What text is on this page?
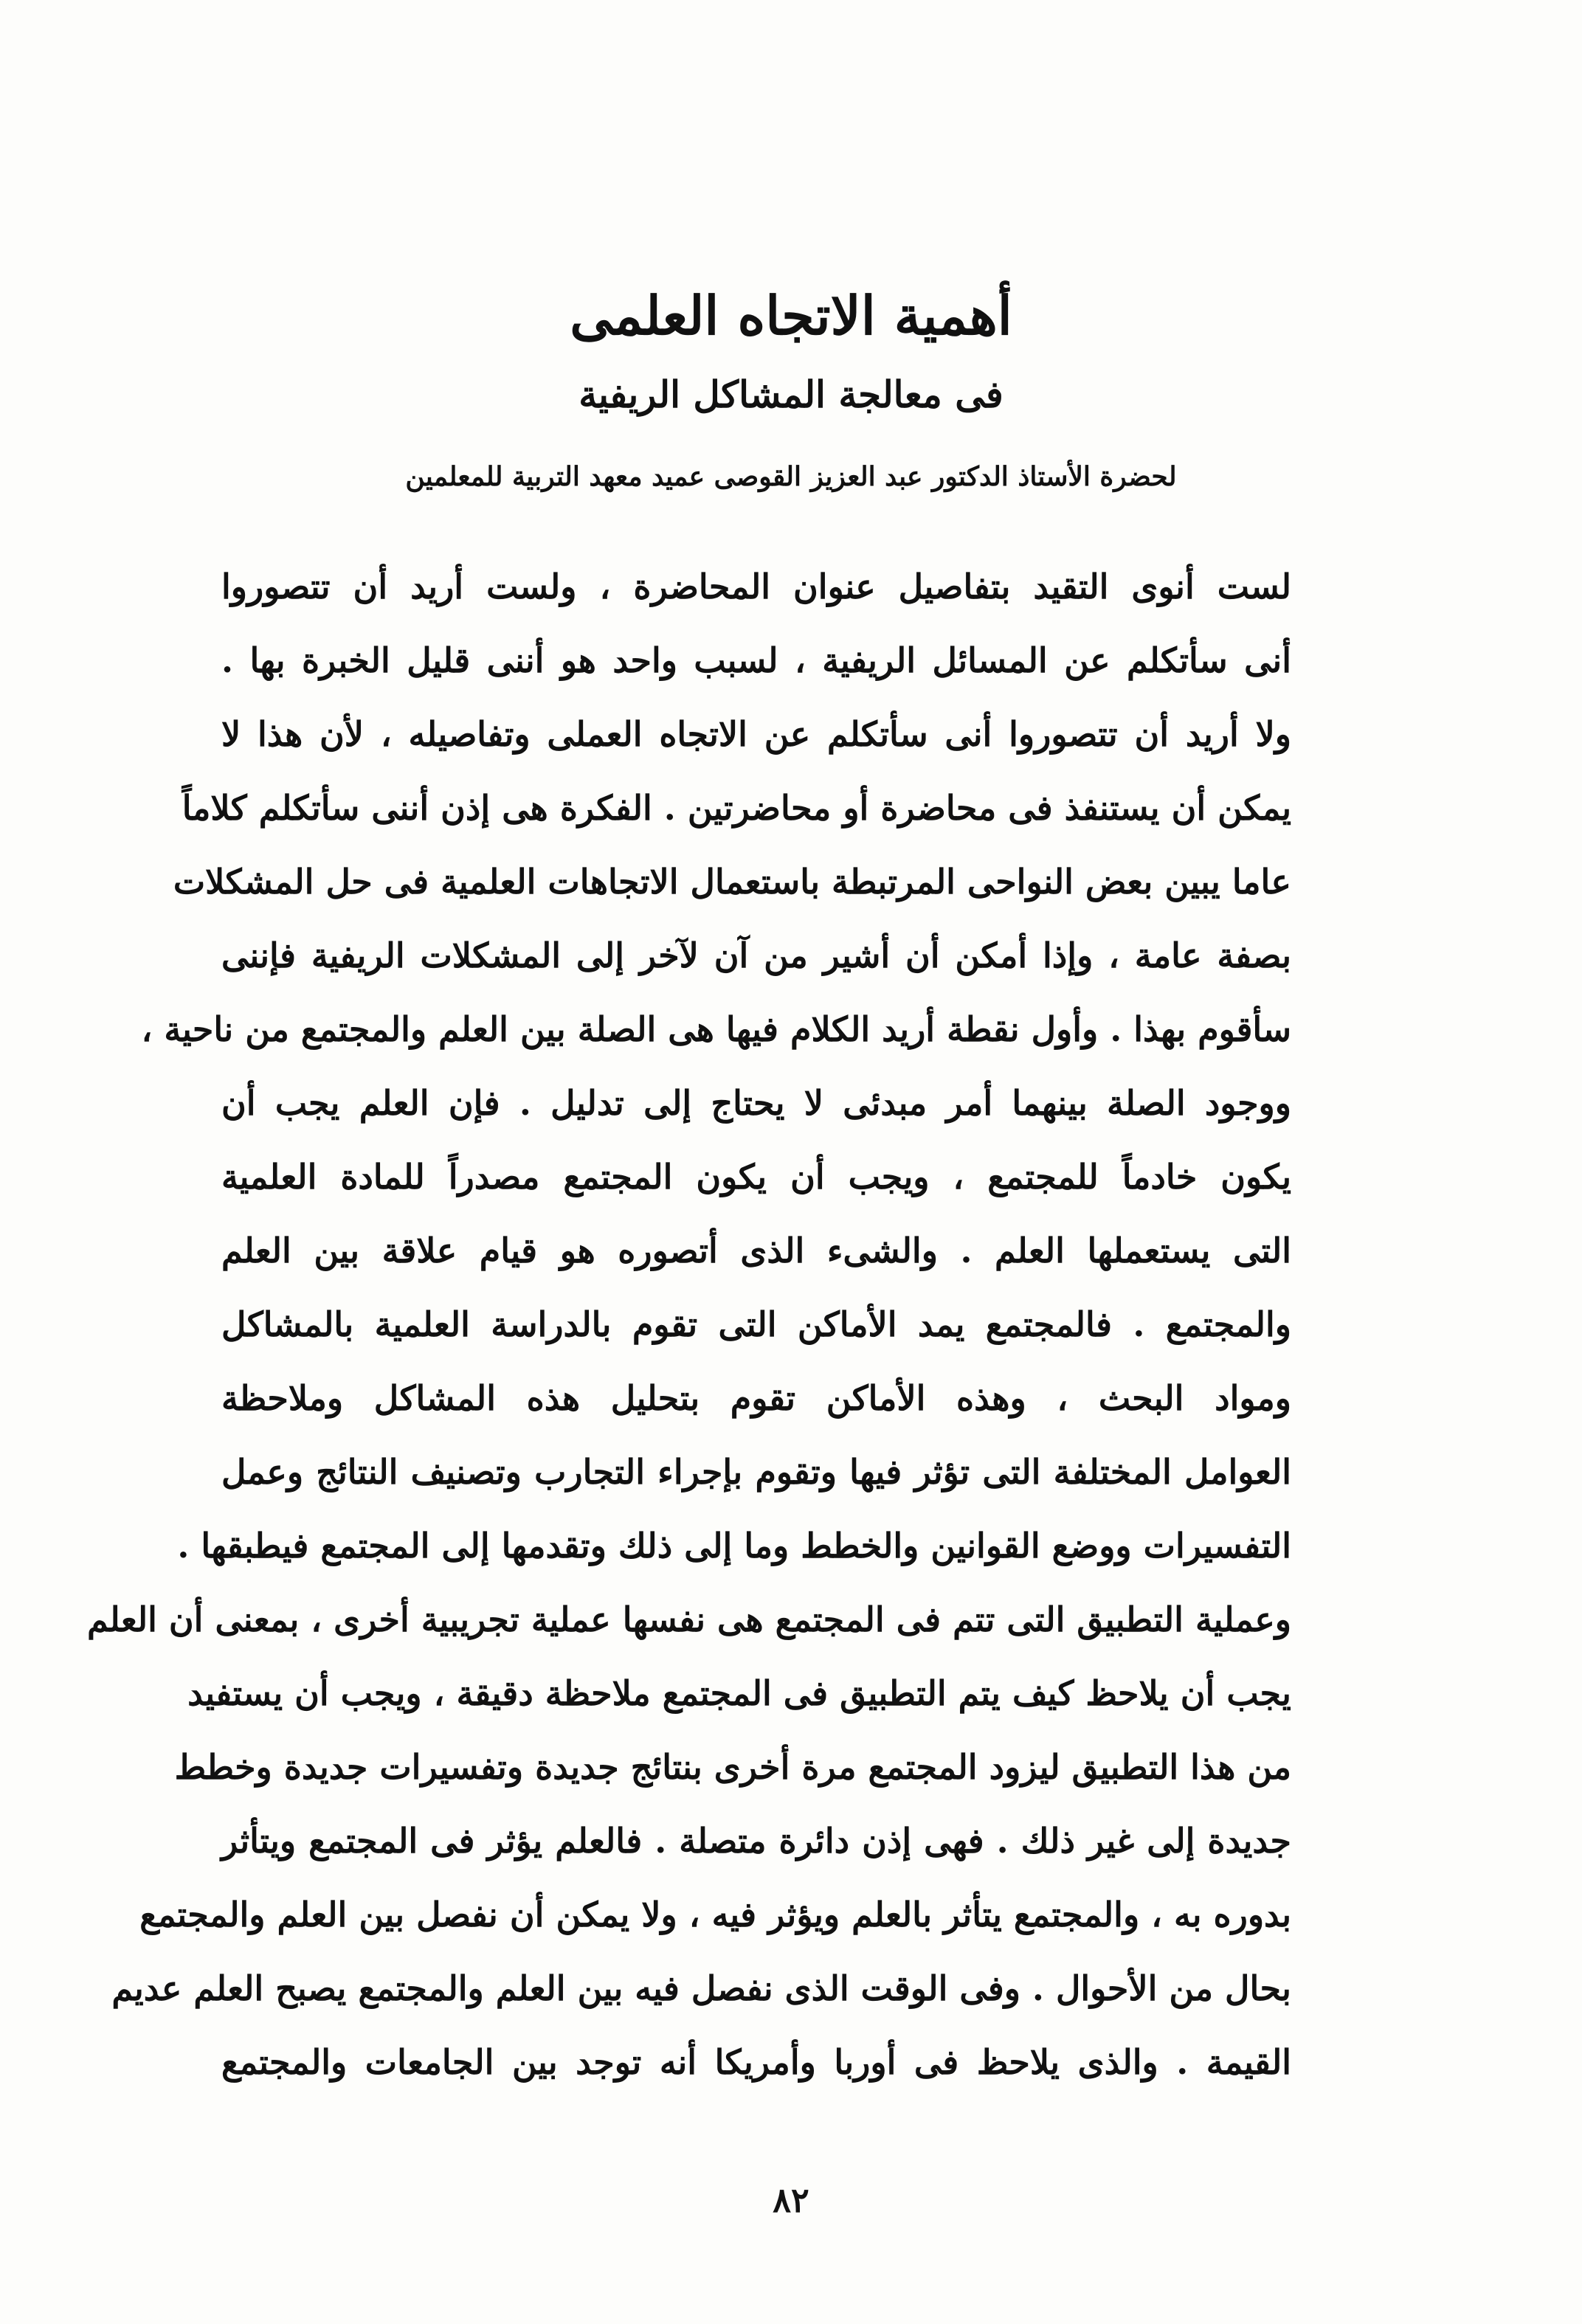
أهمية الاتجاه العلمى
فى معالجة المشاكل الريفية
لحضرة الأستاذ الدكتور عبد العزيز القوصى عميد معهد التربية للمعلمين
لست أنوى التقيد بتفاصيل عنوان المحاضرة ، ولست أريد أن تتصوروا
أنى سأتكلم عن المسائل الريفية ، لسبب واحد هو أننى قليل الخبرة بها .
ولا أريد أن تتصوروا أنى سأتكلم عن الاتجاه العملى وتفاصيله ، لأن هذا لا
يمكن أن يستنفذ فى محاضرة أو محاضرتين . الفكرة هى إذن أننى سأتكلم كلاماً
عاما يبين بعض النواحى المرتبطة باستعمال الاتجاهات العلمية فى حل المشكلات
بصفة عامة ، وإذا أمكن أن أشير من آن لآخر إلى المشكلات الريفية فإننى
سأقوم بهذا . وأول نقطة أريد الكلام فيها هى الصلة بين العلم والمجتمع من ناحية ،
ووجود الصلة بينهما أمر مبدئى لا يحتاج إلى تدليل . فإن العلم يجب أن
يكون خادماً للمجتمع ، ويجب أن يكون المجتمع مصدراً للمادة العلمية
التى يستعملها العلم . والشىء الذى أتصوره هو قيام علاقة بين العلم
والمجتمع . فالمجتمع يمد الأماكن التى تقوم بالدراسة العلمية بالمشاكل
ومواد البحث ، وهذه الأماكن تقوم بتحليل هذه المشاكل وملاحظة
العوامل المختلفة التى تؤثر فيها وتقوم بإجراء التجارب وتصنيف النتائج وعمل
التفسيرات ووضع القوانين والخطط وما إلى ذلك وتقدمها إلى المجتمع فيطبقها .
وعملية التطبيق التى تتم فى المجتمع هى نفسها عملية تجريبية أخرى ، بمعنى أن العلم
يجب أن يلاحظ كيف يتم التطبيق فى المجتمع ملاحظة دقيقة ، ويجب أن يستفيد
من هذا التطبيق ليزود المجتمع مرة أخرى بنتائج جديدة وتفسيرات جديدة وخطط
جديدة إلى غير ذلك . فهى إذن دائرة متصلة . فالعلم يؤثر فى المجتمع ويتأثر
بدوره به ، والمجتمع يتأثر بالعلم ويؤثر فيه ، ولا يمكن أن نفصل بين العلم والمجتمع
بحال من الأحوال . وفى الوقت الذى نفصل فيه بين العلم والمجتمع يصبح العلم عديم
القيمة . والذى يلاحظ فى أوربا وأمريكا أنه توجد بين الجامعات والمجتمع
٨٢
